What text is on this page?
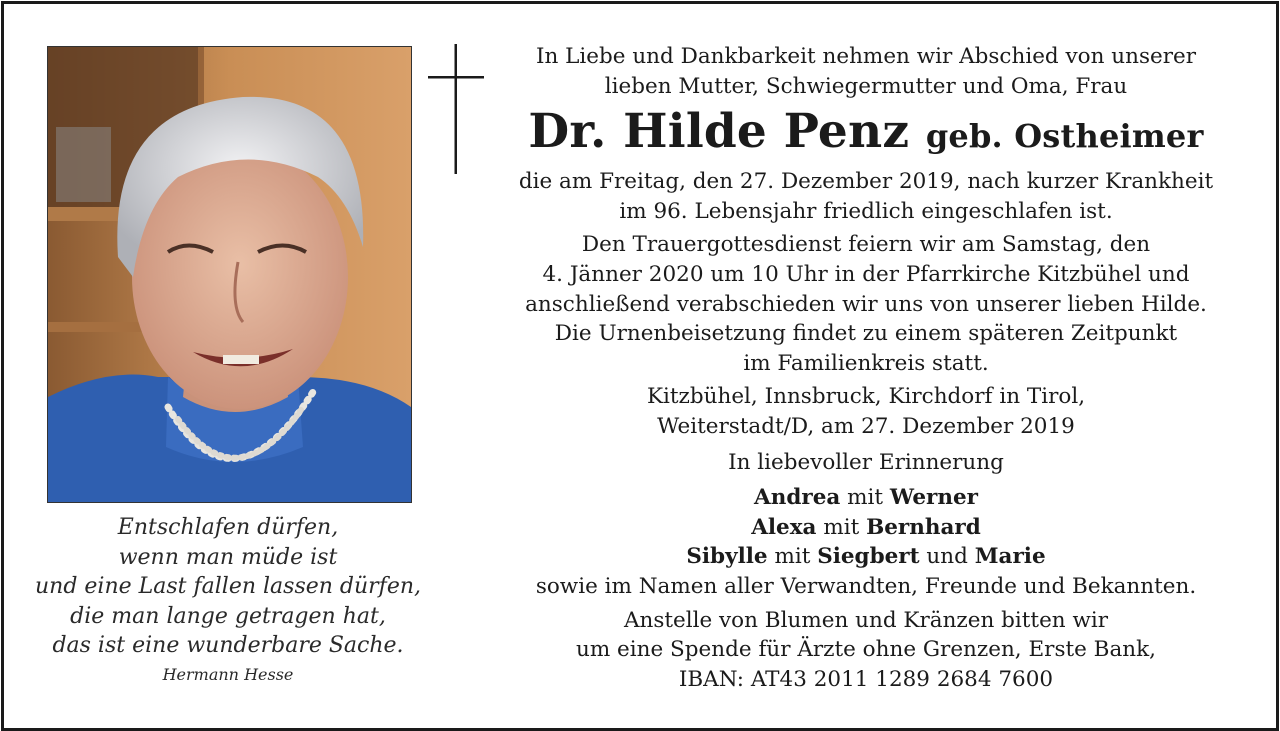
Entschlafen dürfen,
wenn man müde ist
und eine Last fallen lassen dürfen,
die man lange getragen hat,
das ist eine wunderbare Sache.
Hermann Hesse
In Liebe und Dankbarkeit nehmen wir Abschied von unserer
lieben Mutter, Schwiegermutter und Oma, Frau
Dr. Hilde Penz geb. Ostheimer
die am Freitag, den 27. Dezember 2019, nach kurzer Krankheit
im 96. Lebensjahr friedlich eingeschlafen ist.
Den Trauergottesdienst feiern wir am Samstag, den
4. Jänner 2020 um 10 Uhr in der Pfarrkirche Kitzbühel und
anschließend verabschieden wir uns von unserer lieben Hilde.
Die Urnenbeisetzung findet zu einem späteren Zeitpunkt
im Familienkreis statt.
Kitzbühel, Innsbruck, Kirchdorf in Tirol,
Weiterstadt/D, am 27. Dezember 2019
In liebevoller Erinnerung
Andrea mit Werner
Alexa mit Bernhard
Sibylle mit Siegbert und Marie
sowie im Namen aller Verwandten, Freunde und Bekannten.
Anstelle von Blumen und Kränzen bitten wir
um eine Spende für Ärzte ohne Grenzen, Erste Bank,
IBAN: AT43 2011 1289 2684 7600
